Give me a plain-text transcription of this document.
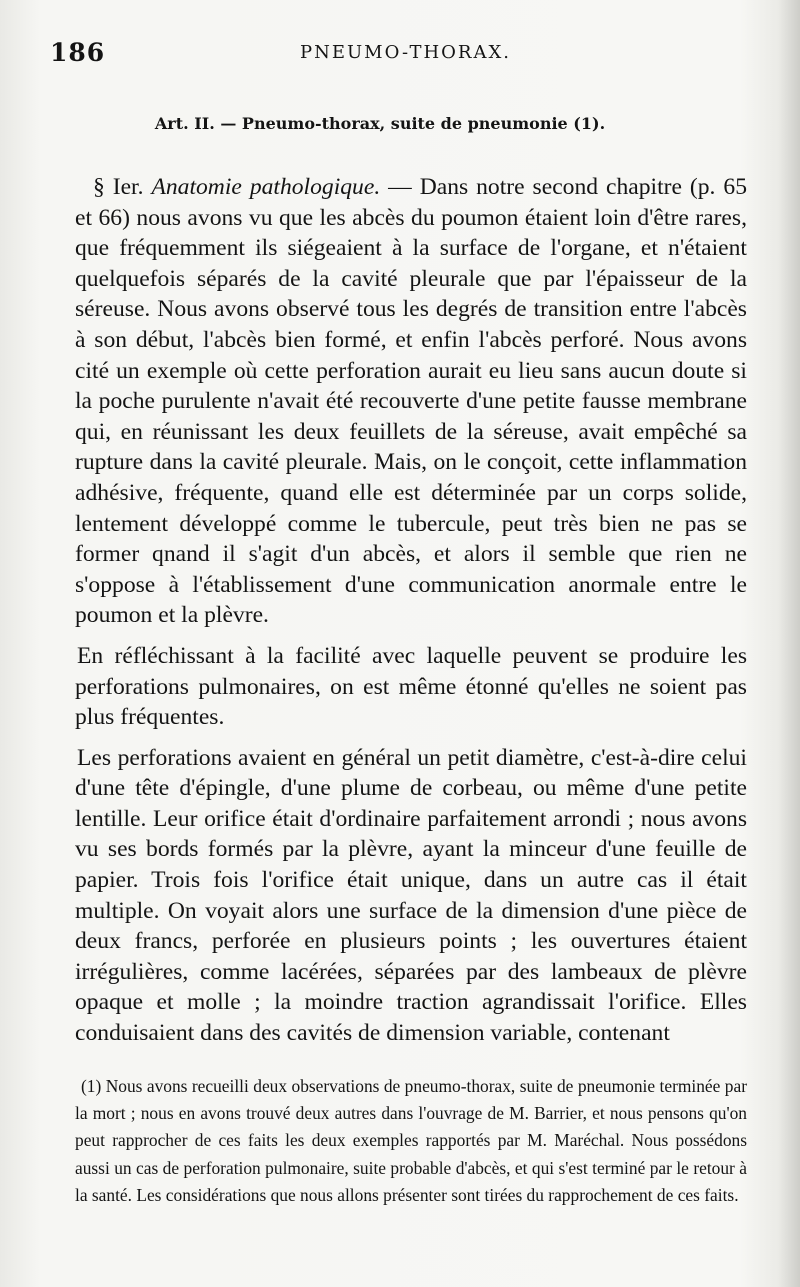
186	PNEUMO-THORAX.
Art. II. — Pneumo-thorax, suite de pneumonie (1).

§ Ier. Anatomie pathologique. — Dans notre second chapitre (p. 65 et 66) nous avons vu que les abcès du poumon étaient loin d'être rares, que fréquemment ils siégeaient à la surface de l'organe, et n'étaient quelquefois séparés de la cavité pleurale que par l'épaisseur de la séreuse. Nous avons observé tous les degrés de transition entre l'abcès à son début, l'abcès bien formé, et enfin l'abcès perforé. Nous avons cité un exemple où cette perforation aurait eu lieu sans aucun doute si la poche purulente n'avait été recouverte d'une petite fausse membrane qui, en réunissant les deux feuillets de la séreuse, avait empêché sa rupture dans la cavité pleurale. Mais, on le conçoit, cette inflammation adhésive, fréquente, quand elle est déterminée par un corps solide, lentement développé comme le tubercule, peut très bien ne pas se former qnand il s'agit d'un abcès, et alors il semble que rien ne s'oppose à l'établissement d'une communication anormale entre le poumon et la plèvre.

En réfléchissant à la facilité avec laquelle peuvent se produire les perforations pulmonaires, on est même étonné qu'elles ne soient pas plus fréquentes.

Les perforations avaient en général un petit diamètre, c'est-à-dire celui d'une tête d'épingle, d'une plume de corbeau, ou même d'une petite lentille. Leur orifice était d'ordinaire parfaitement arrondi ; nous avons vu ses bords formés par la plèvre, ayant la minceur d'une feuille de papier. Trois fois l'orifice était unique, dans un autre cas il était multiple. On voyait alors une surface de la dimension d'une pièce de deux francs, perforée en plusieurs points ; les ouvertures étaient irrégulières, comme lacérées, séparées par des lambeaux de plèvre opaque et molle ; la moindre traction agrandissait l'orifice. Elles conduisaient dans des cavités de dimension variable, contenant

(1) Nous avons recueilli deux observations de pneumo-thorax, suite de pneumonie terminée par la mort ; nous en avons trouvé deux autres dans l'ouvrage de M. Barrier, et nous pensons qu'on peut rapprocher de ces faits les deux exemples rapportés par M. Maréchal. Nous possédons aussi un cas de perforation pulmonaire, suite probable d'abcès, et qui s'est terminé par le retour à la santé. Les considérations que nous allons présenter sont tirées du rapprochement de ces faits.
